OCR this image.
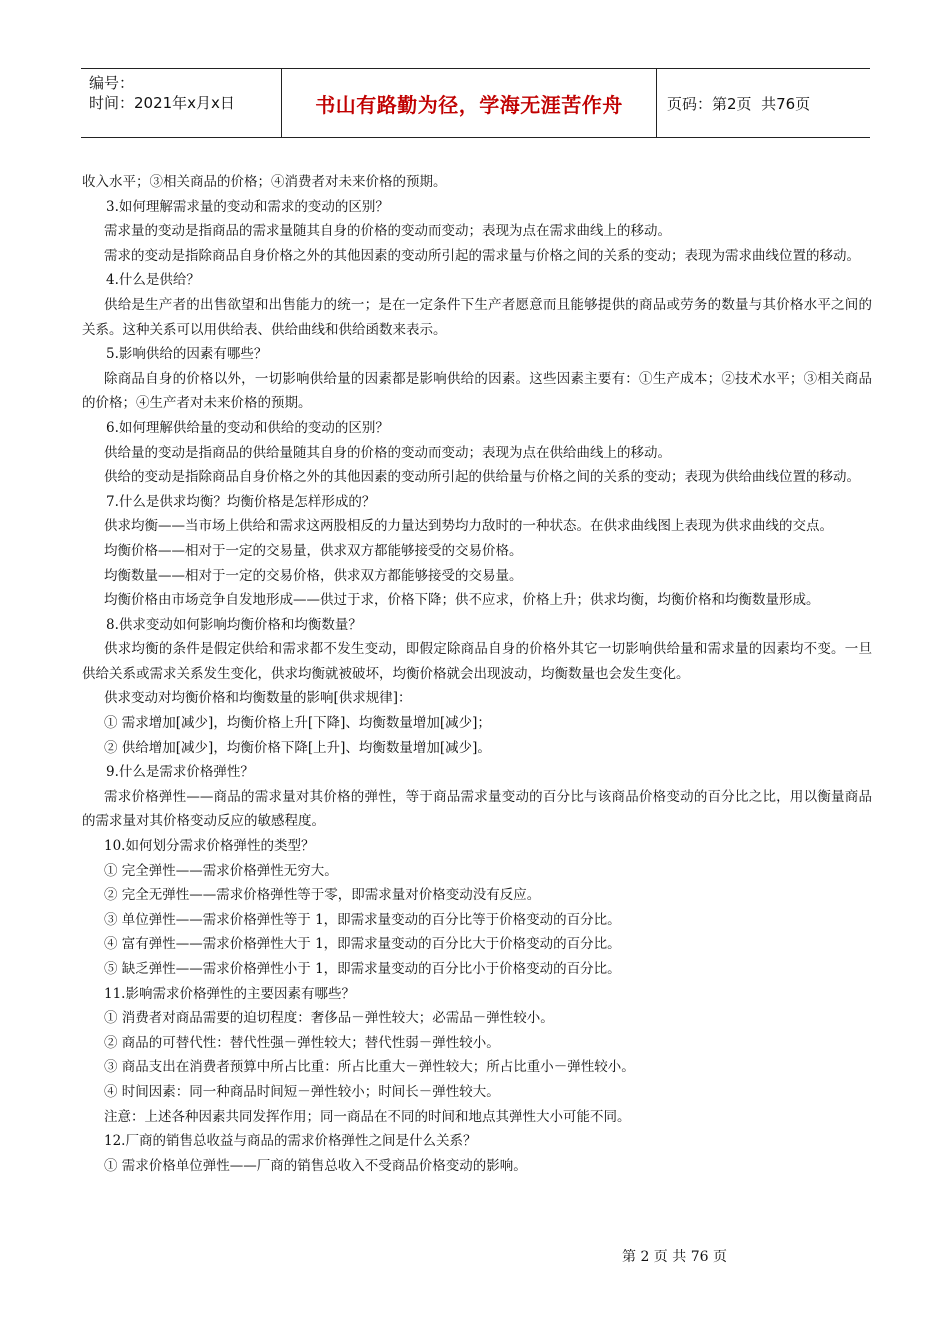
编号：
时间：2021年x月x日	书山有路勤为径，学海无涯苦作舟	页码：第2页  共76页

收入水平；③相关商品的价格；④消费者对未来价格的预期。

3.如何理解需求量的变动和需求的变动的区别？

需求量的变动是指商品的需求量随其自身的价格的变动而变动；表现为点在需求曲线上的移动。

需求的变动是指除商品自身价格之外的其他因素的变动所引起的需求量与价格之间的关系的变动；表现为需求曲线位置的移动。

4.什么是供给？

供给是生产者的出售欲望和出售能力的统一；是在一定条件下生产者愿意而且能够提供的商品或劳务的数量与其价格水平之间的关系。这种关系可以用供给表、供给曲线和供给函数来表示。

5.影响供给的因素有哪些？

除商品自身的价格以外，一切影响供给量的因素都是影响供给的因素。这些因素主要有：①生产成本；②技术水平；③相关商品的价格；④生产者对未来价格的预期。

6.如何理解供给量的变动和供给的变动的区别？

供给量的变动是指商品的供给量随其自身的价格的变动而变动；表现为点在供给曲线上的移动。

供给的变动是指除商品自身价格之外的其他因素的变动所引起的供给量与价格之间的关系的变动；表现为供给曲线位置的移动。

7.什么是供求均衡？均衡价格是怎样形成的？

供求均衡——当市场上供给和需求这两股相反的力量达到势均力敌时的一种状态。在供求曲线图上表现为供求曲线的交点。

均衡价格——相对于一定的交易量，供求双方都能够接受的交易价格。

均衡数量——相对于一定的交易价格，供求双方都能够接受的交易量。

均衡价格由市场竞争自发地形成——供过于求，价格下降；供不应求，价格上升；供求均衡，均衡价格和均衡数量形成。

8.供求变动如何影响均衡价格和均衡数量？

供求均衡的条件是假定供给和需求都不发生变动，即假定除商品自身的价格外其它一切影响供给量和需求量的因素均不变。一旦供给关系或需求关系发生变化，供求均衡就被破坏，均衡价格就会出现波动，均衡数量也会发生变化。

供求变动对均衡价格和均衡数量的影响[供求规律]：

① 需求增加[减少]，均衡价格上升[下降]、均衡数量增加[减少]；

② 供给增加[减少]，均衡价格下降[上升]、均衡数量增加[减少]。

9.什么是需求价格弹性？

需求价格弹性——商品的需求量对其价格的弹性，等于商品需求量变动的百分比与该商品价格变动的百分比之比，用以衡量商品的需求量对其价格变动反应的敏感程度。

10.如何划分需求价格弹性的类型？

① 完全弹性——需求价格弹性无穷大。

② 完全无弹性——需求价格弹性等于零，即需求量对价格变动没有反应。

③ 单位弹性——需求价格弹性等于 1，即需求量变动的百分比等于价格变动的百分比。

④ 富有弹性——需求价格弹性大于 1，即需求量变动的百分比大于价格变动的百分比。

⑤ 缺乏弹性——需求价格弹性小于 1，即需求量变动的百分比小于价格变动的百分比。

11.影响需求价格弹性的主要因素有哪些？

① 消费者对商品需要的迫切程度：奢侈品－弹性较大；必需品－弹性较小。

② 商品的可替代性：替代性强－弹性较大；替代性弱－弹性较小。

③ 商品支出在消费者预算中所占比重：所占比重大－弹性较大；所占比重小－弹性较小。

④ 时间因素：同一种商品时间短－弹性较小；时间长－弹性较大。

注意：上述各种因素共同发挥作用；同一商品在不同的时间和地点其弹性大小可能不同。

12.厂商的销售总收益与商品的需求价格弹性之间是什么关系？

① 需求价格单位弹性——厂商的销售总收入不受商品价格变动的影响。

第 2 页 共 76 页
